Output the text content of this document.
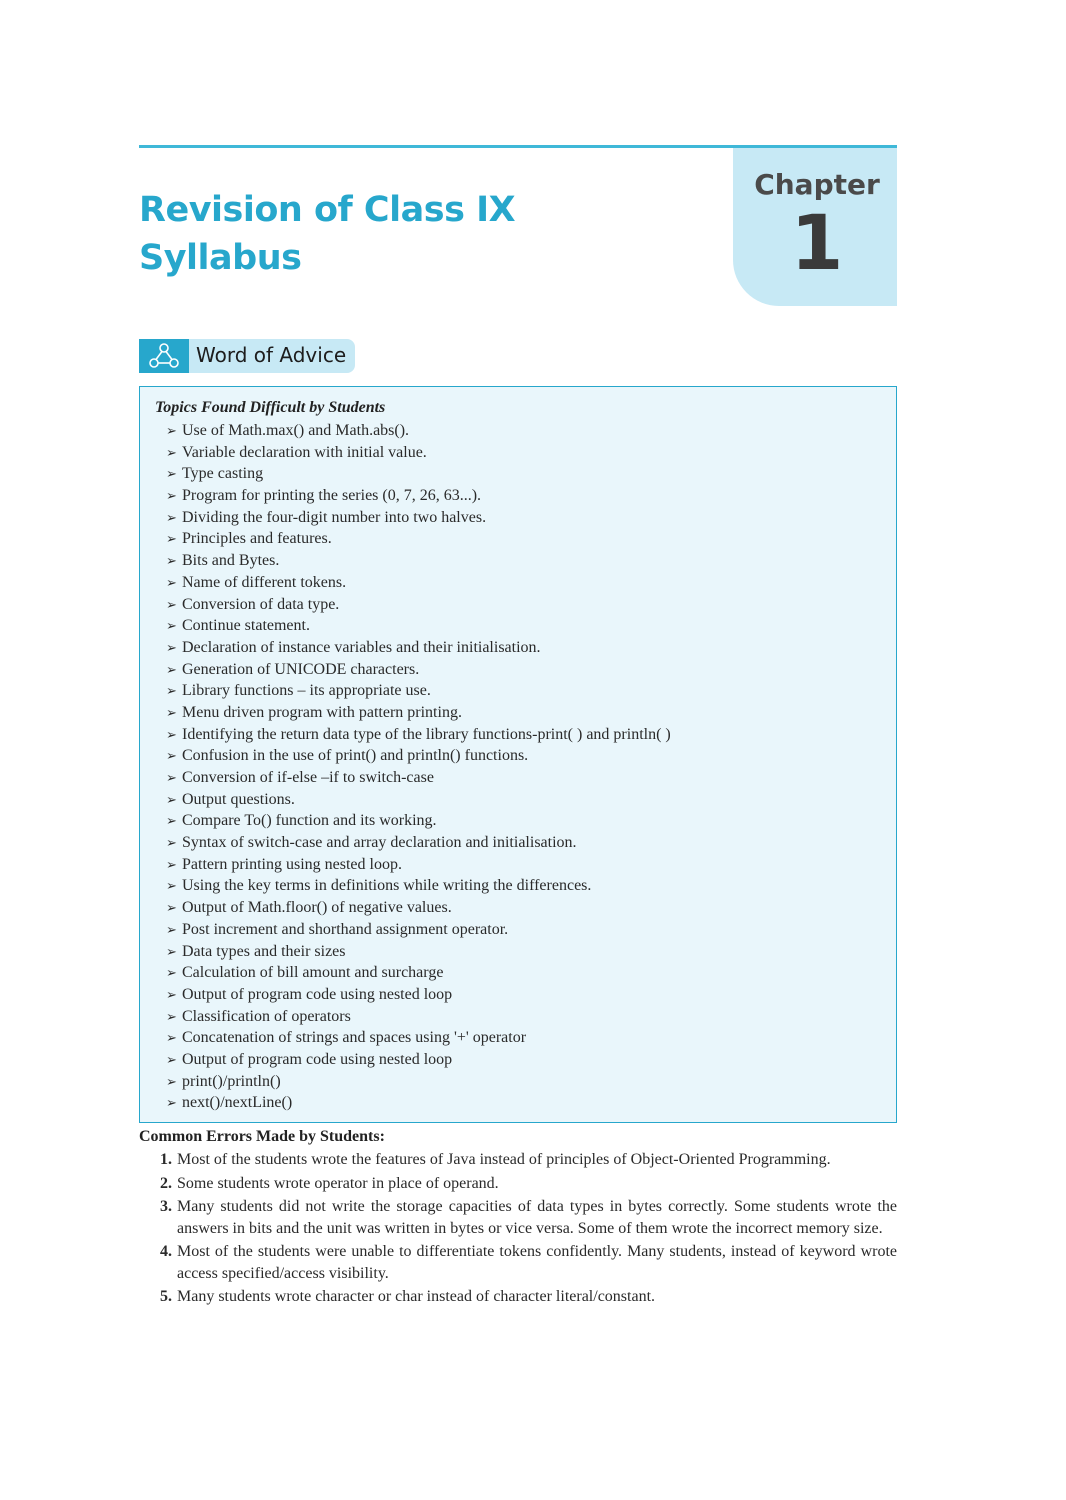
Revision of Class IX
Syllabus
Chapter
1
Word of Advice
Topics Found Difficult by Students
➢ Use of Math.max() and Math.abs().
➢ Variable declaration with initial value.
➢ Type casting
➢ Program for printing the series (0, 7, 26, 63...).
➢ Dividing the four-digit number into two halves.
➢ Principles and features.
➢ Bits and Bytes.
➢ Name of different tokens.
➢ Conversion of data type.
➢ Continue statement.
➢ Declaration of instance variables and their initialisation.
➢ Generation of UNICODE characters.
➢ Library functions – its appropriate use.
➢ Menu driven program with pattern printing.
➢ Identifying the return data type of the library functions-print( ) and println( )
➢ Confusion in the use of print() and println() functions.
➢ Conversion of if-else –if to switch-case
➢ Output questions.
➢ Compare To() function and its working.
➢ Syntax of switch-case and array declaration and initialisation.
➢ Pattern printing using nested loop.
➢ Using the key terms in definitions while writing the differences.
➢ Output of Math.floor() of negative values.
➢ Post increment and shorthand assignment operator.
➢ Data types and their sizes
➢ Calculation of bill amount and surcharge
➢ Output of program code using nested loop
➢ Classification of operators
➢ Concatenation of strings and spaces using '+' operator
➢ Output of program code using nested loop
➢ print()/println()
➢ next()/nextLine()
Common Errors Made by Students:
1. Most of the students wrote the features of Java instead of principles of Object-Oriented Programming.
2. Some students wrote operator in place of operand.
3. Many students did not write the storage capacities of data types in bytes correctly. Some students wrote the answers in bits and the unit was written in bytes or vice versa. Some of them wrote the incorrect memory size.
4. Most of the students were unable to differentiate tokens confidently. Many students, instead of keyword wrote access specified/access visibility.
5. Many students wrote character or char instead of character literal/constant.
